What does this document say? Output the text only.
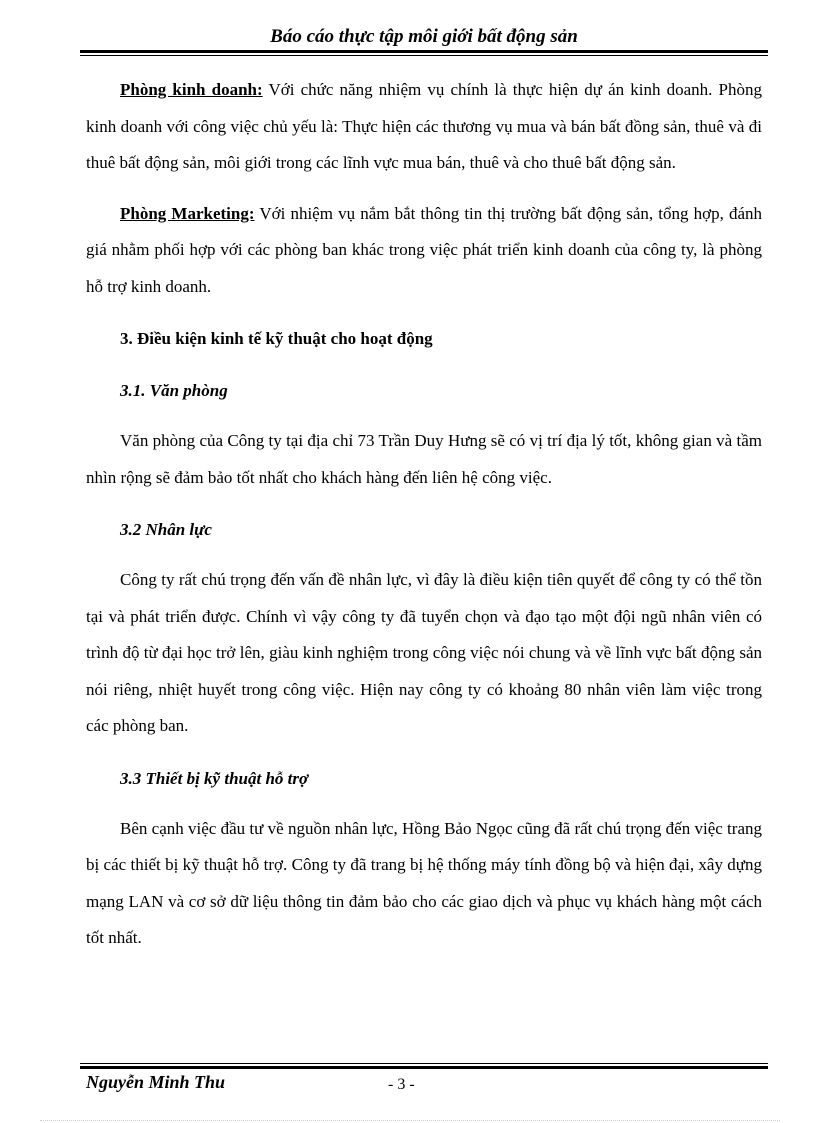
Báo cáo thực tập môi giới bất động sản

Phòng kinh doanh: Với chức năng nhiệm vụ chính là thực hiện dự án kinh doanh. Phòng kinh doanh với công việc chủ yếu là: Thực hiện các thương vụ mua và bán bất đồng sản, thuê và đi thuê bất động sản, môi giới trong các lĩnh vực mua bán, thuê và cho thuê bất động sản.

Phòng Marketing: Với nhiệm vụ nắm bắt thông tin thị trường bất động sản, tổng hợp, đánh giá nhằm phối hợp với các phòng ban khác trong việc phát triển kinh doanh của công ty, là phòng hỗ trợ kinh doanh.

3. Điều kiện kinh tế kỹ thuật cho hoạt động
3.1. Văn phòng

Văn phòng của Công ty tại địa chỉ 73 Trần Duy Hưng sẽ có vị trí địa lý tốt, không gian và tầm nhìn rộng sẽ đảm bảo tốt nhất cho khách hàng đến liên hệ công việc.

3.2 Nhân lực

Công ty rất chú trọng đến vấn đề nhân lực, vì đây là điều kiện tiên quyết để công ty có thể tồn tại và phát triển được. Chính vì vậy công ty đã tuyển chọn và đạo tạo một đội ngũ nhân viên có trình độ từ đại học trở lên, giàu kinh nghiệm trong công việc nói chung và về lĩnh vực bất động sản nói riêng, nhiệt huyết trong công việc. Hiện nay công ty có khoảng 80 nhân viên làm việc trong các phòng ban.

3.3 Thiết bị kỹ thuật hỗ trợ

Bên cạnh việc đầu tư về nguồn nhân lực, Hồng Bảo Ngọc cũng đã rất chú trọng đến việc trang bị các thiết bị kỹ thuật hỗ trợ. Công ty đã trang bị hệ thống máy tính đồng bộ và hiện đại, xây dựng mạng LAN và cơ sở dữ liệu thông tin đảm bảo cho các giao dịch và phục vụ khách hàng một cách tốt nhất.

Nguyễn Minh Thu	- 3 -
